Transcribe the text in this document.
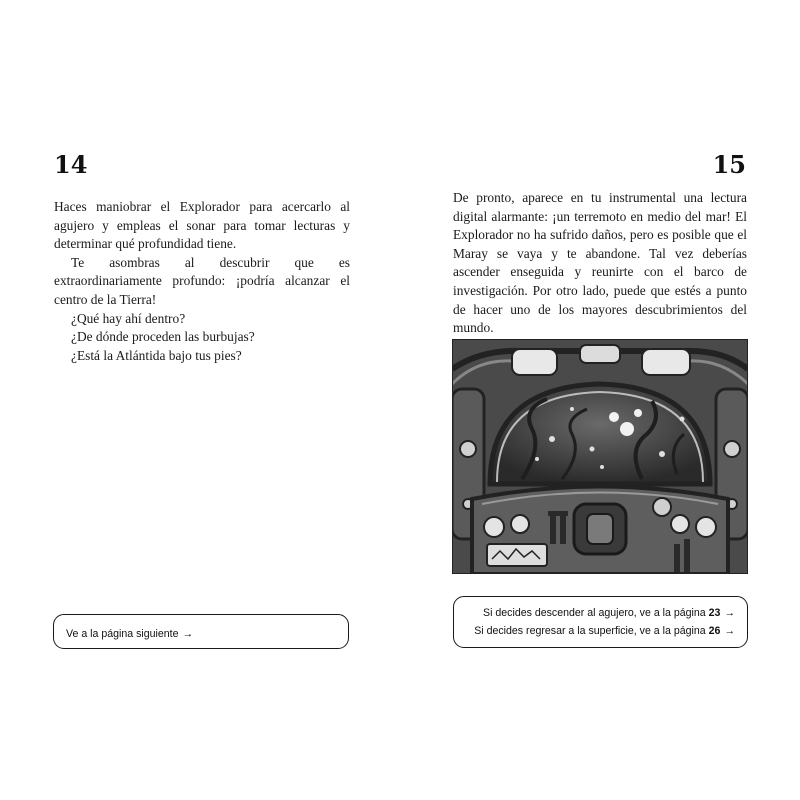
14

Haces maniobrar el Explorador para acercarlo al agujero y empleas el sonar para tomar lecturas y determinar qué profundidad tiene.

Te asombras al descubrir que es extraordinariamente profundo: ¡podría alcanzar el centro de la Tierra!

¿Qué hay ahí dentro?

¿De dónde proceden las burbujas?

¿Está la Atlántida bajo tus pies?

Ve a la página siguiente →
15

De pronto, aparece en tu instrumental una lectura digital alarmante: ¡un terremoto en medio del mar! El Explorador no ha sufrido daños, pero es posible que el Maray se vaya y te abandone. Tal vez deberías ascender enseguida y reunirte con el barco de investigación. Por otro lado, puede que estés a punto de hacer uno de los mayores descubrimientos del mundo.

Si decides descender al agujero, ve a la página 23 →
Si decides regresar a la superficie, ve a la página 26 →
